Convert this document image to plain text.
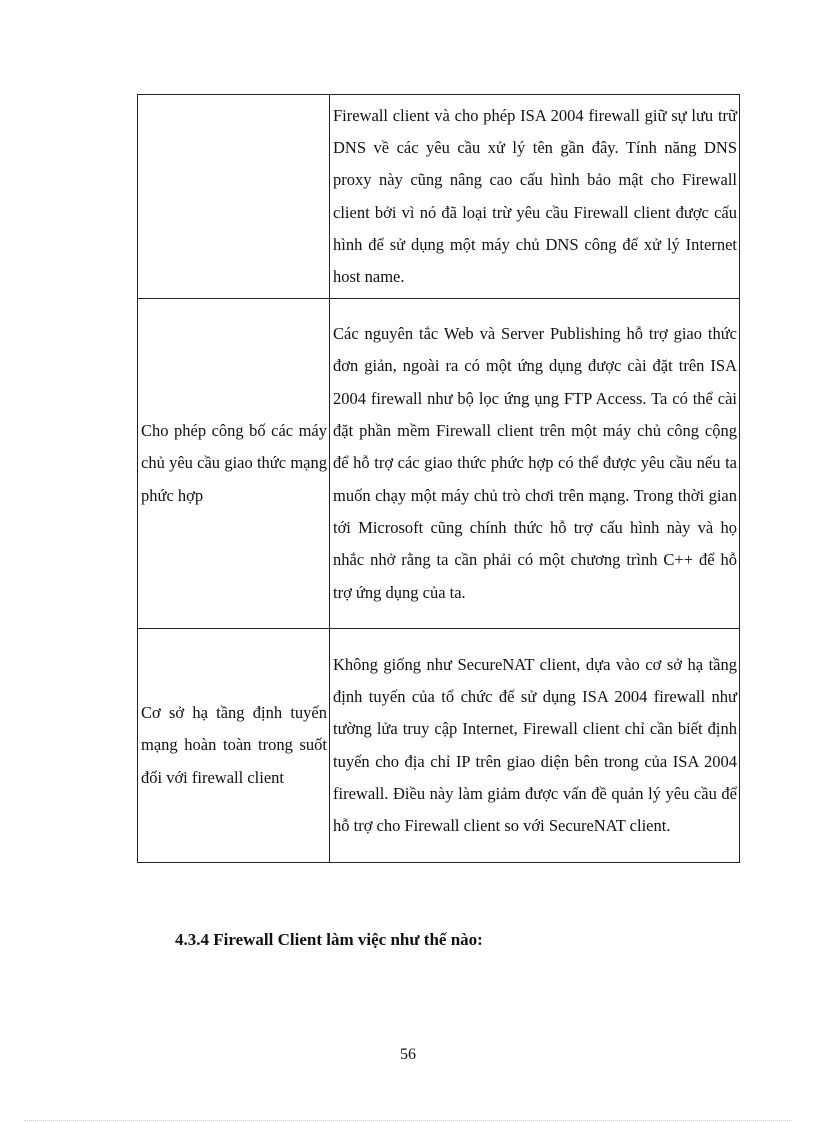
	Firewall client và cho phép ISA 2004 firewall giữ sự lưu trữ DNS về các yêu cầu xử lý tên gần đây. Tính năng DNS proxy này cũng nâng cao cấu hình bảo mật cho Firewall client bởi vì nó đã loại trừ yêu cầu Firewall client được cấu hình để sử dụng một máy chủ DNS công để xử lý Internet host name.
Cho phép công bố các máy chủ yêu cầu giao thức mạng phức hợp	Các nguyên tắc Web và Server Publishing hỗ trợ giao thức đơn giản, ngoài ra có một ứng dụng được cài đặt trên ISA 2004 firewall như bộ lọc ứng ụng FTP Access. Ta có thể cài đặt phần mềm Firewall client trên một máy chủ công cộng để hỗ trợ các giao thức phức hợp có thể được yêu cầu nếu ta muốn chạy một máy chủ trò chơi trên mạng. Trong thời gian tới Microsoft cũng chính thức hỗ trợ cấu hình này và họ nhắc nhở rằng ta cần phải có một chương trình C++ để hỗ trợ ứng dụng của ta.
Cơ sở hạ tầng định tuyến mạng hoàn toàn trong suốt đối với firewall client	Không giống như SecureNAT client, dựa vào cơ sở hạ tầng định tuyến của tổ chức để sử dụng ISA 2004 firewall như tường lửa truy cập Internet, Firewall client chỉ cần biết định tuyến cho địa chỉ IP trên giao diện bên trong của ISA 2004 firewall. Điều này làm giảm được vấn đề quản lý yêu cầu để hỗ trợ cho Firewall client so với SecureNAT client.
4.3.4 Firewall Client làm việc như thế nào:
56
